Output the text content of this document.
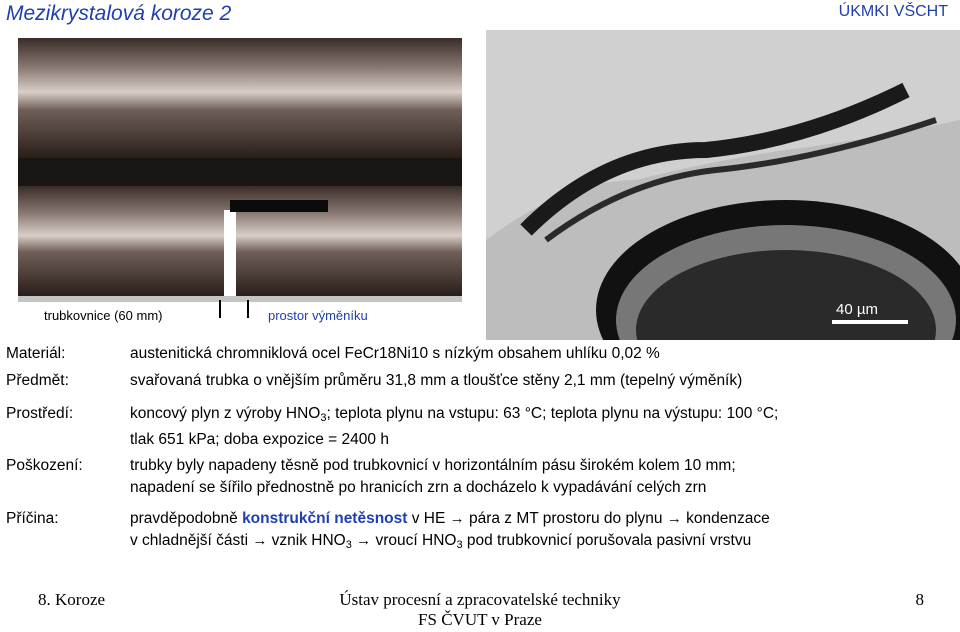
Mezikrystalová koroze 2	ÚKMKI VŠCHT
trubkovnice (60 mm)	prostor výměníku	40 µm
Materiál:	austenitická chromniklová ocel FeCr18Ni10 s nízkým obsahem uhlíku 0,02 %
Předmět:	svařovaná trubka o vnějším průměru 31,8 mm a tloušťce stěny 2,1 mm (tepelný výměník)
Prostředí:	koncový plyn z výroby $HNO_3$; teplota plynu na vstupu: 63 °C; teplota plynu na výstupu: 100 °C;
tlak 651 kPa; doba expozice = 2400 h
Poškození:	trubky byly napadeny těsně pod trubkovnicí v horizontálním pásu širokém kolem 10 mm;
napadení se šířilo přednostně po hranicích zrn a docházelo k vypadávání celých zrn
Příčina:	pravděpodobně konstrukční netěsnost v HE → pára z MT prostoru do plynu → kondenzace
v chladnější části → vznik $HNO_3$ → vroucí $HNO_3$ pod trubkovnicí porušovala pasivní vrstvu
8. Koroze	Ústav procesní a zpracovatelské techniky
FS ČVUT v Praze
8
